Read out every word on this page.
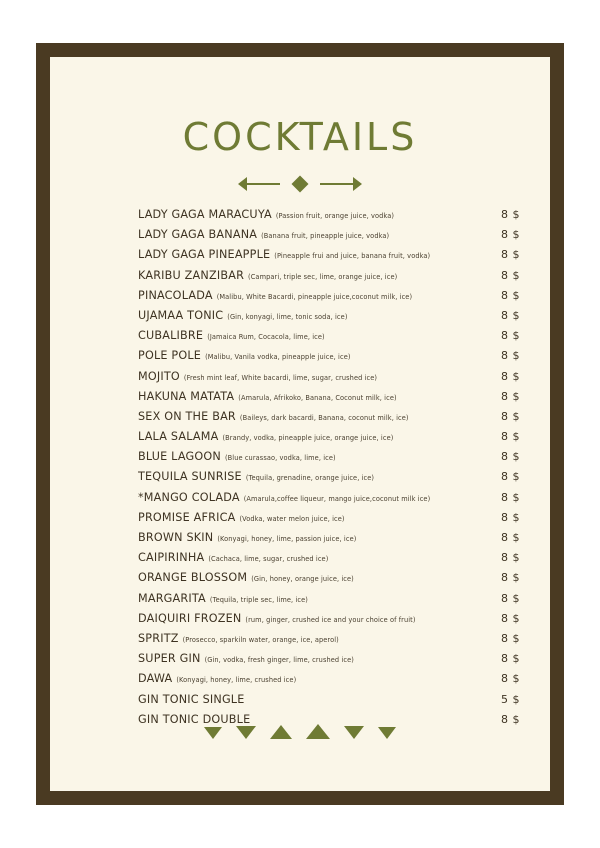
COCKTAILS
LADY GAGA MARACUYA (Passion fruit, orange juice, vodka)	8 $
LADY GAGA BANANA (Banana fruit, pineapple juice, vodka)	8 $
LADY GAGA PINEAPPLE (Pineapple frui and juice, banana fruit, vodka)	8 $
KARIBU ZANZIBAR (Campari, triple sec, lime, orange juice, ice)	8 $
PINACOLADA (Malibu, White Bacardi, pineapple juice,coconut milk, ice)	8 $
UJAMAA TONIC (Gin, konyagi, lime, tonic soda, ice)	8 $
CUBALIBRE (Jamaica Rum, Cocacola, lime, ice)	8 $
POLE POLE (Malibu, Vanila vodka, pineapple juice, ice)	8 $
MOJITO (Fresh mint leaf, White bacardi, lime, sugar, crushed ice)	8 $
HAKUNA MATATA (Amarula, Afrikoko, Banana, Coconut milk, ice)	8 $
SEX ON THE BAR (Baileys, dark bacardi, Banana, coconut milk, ice)	8 $
LALA SALAMA (Brandy, vodka, pineapple juice, orange juice, ice)	8 $
BLUE LAGOON (Blue curassao, vodka, lime, ice)	8 $
TEQUILA SUNRISE (Tequila, grenadine, orange juice, ice)	8 $
*MANGO COLADA (Amarula,coffee liqueur, mango juice,coconut milk ice)	8 $
PROMISE AFRICA (Vodka, water melon juice, ice)	8 $
BROWN SKIN (Konyagi, honey, lime, passion juice, ice)	8 $
CAIPIRINHA (Cachaca, lime, sugar, crushed ice)	8 $
ORANGE BLOSSOM (Gin, honey, orange juice, ice)	8 $
MARGARITA (Tequila, triple sec, lime, ice)	8 $
DAIQUIRI FROZEN (rum, ginger, crushed ice and your choice of fruit)	8 $
SPRITZ (Prosecco, sparkiln water, orange, ice, aperol)	8 $
SUPER GIN (Gin, vodka, fresh ginger, lime, crushed ice)	8 $
DAWA (Konyagi, honey, lime, crushed ice)	8 $
GIN TONIC SINGLE	5 $
GIN TONIC DOUBLE	8 $
